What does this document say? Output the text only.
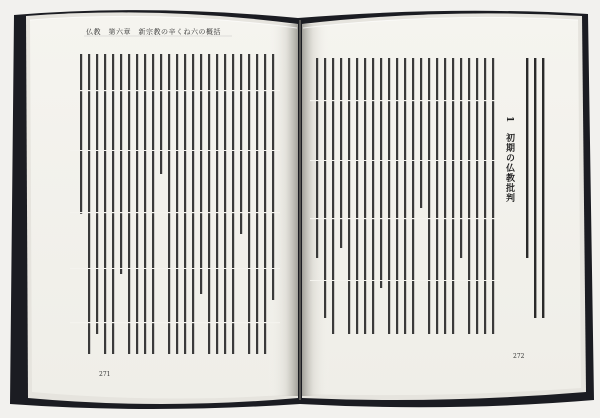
仏教　第六章　新宗教の辛くね六の概括
1　初期の仏教批判
271
272
